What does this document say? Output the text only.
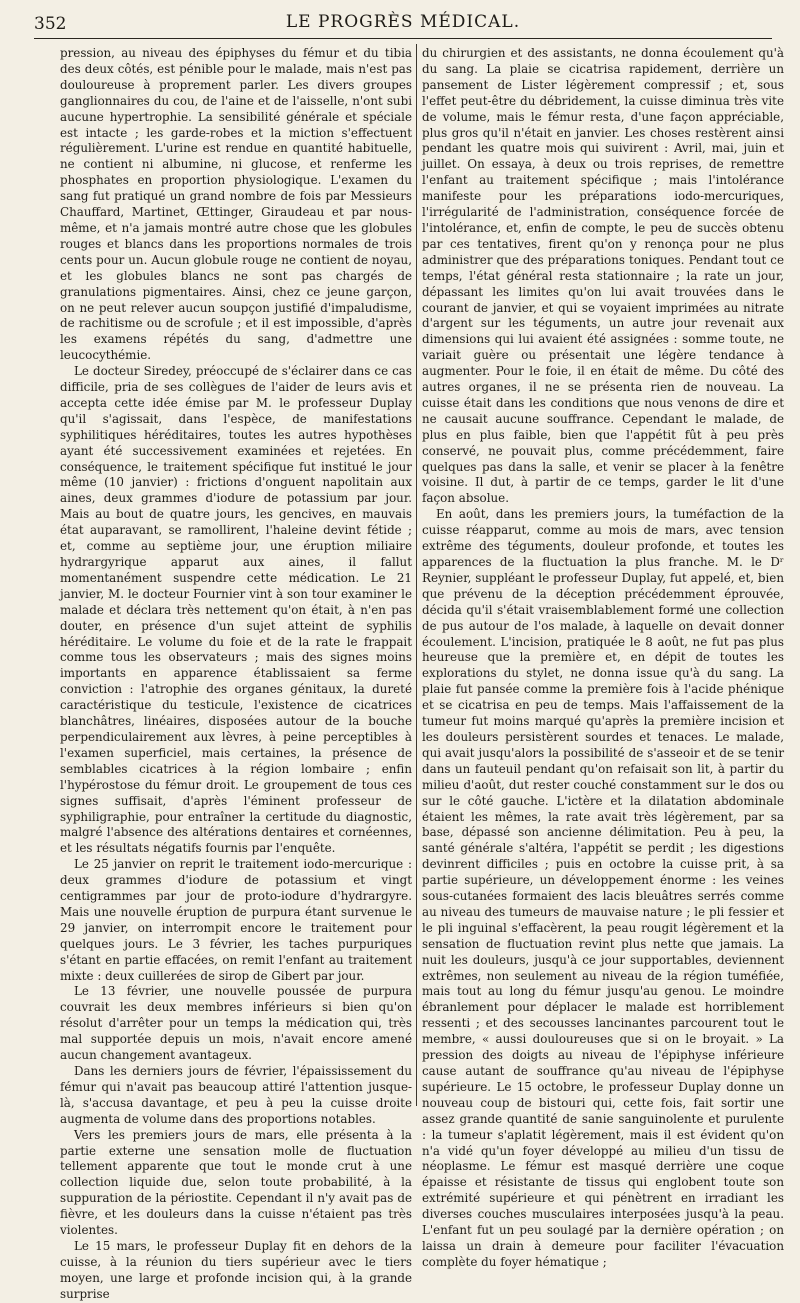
352	LE PROGRÈS MÉDICAL.

pression, au niveau des épiphyses du fémur et du tibia des deux côtés, est pénible pour le malade, mais n'est pas douloureuse à proprement parler. Les divers groupes ganglionnaires du cou, de l'aine et de l'aisselle, n'ont subi aucune hypertrophie. La sensibilité générale et spéciale est intacte ; les garde-robes et la miction s'effectuent régulièrement. L'urine est rendue en quantité habituelle, ne contient ni albumine, ni glucose, et renferme les phosphates en proportion physiologique. L'examen du sang fut pratiqué un grand nombre de fois par Messieurs Chauffard, Martinet, Œttinger, Giraudeau et par nous-même, et n'a jamais montré autre chose que les globules rouges et blancs dans les proportions normales de trois cents pour un. Aucun globule rouge ne contient de noyau, et les globules blancs ne sont pas chargés de granulations pigmentaires. Ainsi, chez ce jeune garçon, on ne peut relever aucun soupçon justifié d'impaludisme, de rachitisme ou de scrofule ; et il est impossible, d'après les examens répétés du sang, d'admettre une leucocythémie.

Le docteur Siredey, préoccupé de s'éclairer dans ce cas difficile, pria de ses collègues de l'aider de leurs avis et accepta cette idée émise par M. le professeur Duplay qu'il s'agissait, dans l'espèce, de manifestations syphilitiques héréditaires, toutes les autres hypothèses ayant été successivement examinées et rejetées. En conséquence, le traitement spécifique fut institué le jour même (10 janvier) : frictions d'onguent napolitain aux aines, deux grammes d'iodure de potassium par jour. Mais au bout de quatre jours, les gencives, en mauvais état auparavant, se ramollirent, l'haleine devint fétide ; et, comme au septième jour, une éruption miliaire hydrargyrique apparut aux aines, il fallut momentanément suspendre cette médication. Le 21 janvier, M. le docteur Fournier vint à son tour examiner le malade et déclara très nettement qu'on était, à n'en pas douter, en présence d'un sujet atteint de syphilis héréditaire. Le volume du foie et de la rate le frappait comme tous les observateurs ; mais des signes moins importants en apparence établissaient sa ferme conviction : l'atrophie des organes génitaux, la dureté caractéristique du testicule, l'existence de cicatrices blanchâtres, linéaires, disposées autour de la bouche perpendiculairement aux lèvres, à peine perceptibles à l'examen superficiel, mais certaines, la présence de semblables cicatrices à la région lombaire ; enfin l'hypérostose du fémur droit. Le groupement de tous ces signes suffisait, d'après l'éminent professeur de syphiligraphie, pour entraîner la certitude du diagnostic, malgré l'absence des altérations dentaires et cornéennes, et les résultats négatifs fournis par l'enquête.

Le 25 janvier on reprit le traitement iodo-mercurique : deux grammes d'iodure de potassium et vingt centigrammes par jour de proto-iodure d'hydrargyre. Mais une nouvelle éruption de purpura étant survenue le 29 janvier, on interrompit encore le traitement pour quelques jours. Le 3 février, les taches purpuriques s'étant en partie effacées, on remit l'enfant au traitement mixte : deux cuillerées de sirop de Gibert par jour.

Le 13 février, une nouvelle poussée de purpura couvrait les deux membres inférieurs si bien qu'on résolut d'arrêter pour un temps la médication qui, très mal supportée depuis un mois, n'avait encore amené aucun changement avantageux.

Dans les derniers jours de février, l'épaississement du fémur qui n'avait pas beaucoup attiré l'attention jusque-là, s'accusa davantage, et peu à peu la cuisse droite augmenta de volume dans des proportions notables.

Vers les premiers jours de mars, elle présenta à la partie externe une sensation molle de fluctuation tellement apparente que tout le monde crut à une collection liquide due, selon toute probabilité, à la suppuration de la périostite. Cependant il n'y avait pas de fièvre, et les douleurs dans la cuisse n'étaient pas très violentes.

Le 15 mars, le professeur Duplay fit en dehors de la cuisse, à la réunion du tiers supérieur avec le tiers moyen, une large et profonde incision qui, à la grande surprise

du chirurgien et des assistants, ne donna écoulement qu'à du sang. La plaie se cicatrisa rapidement, derrière un pansement de Lister légèrement compressif ; et, sous l'effet peut-être du débridement, la cuisse diminua très vite de volume, mais le fémur resta, d'une façon appréciable, plus gros qu'il n'était en janvier. Les choses restèrent ainsi pendant les quatre mois qui suivirent : Avril, mai, juin et juillet. On essaya, à deux ou trois reprises, de remettre l'enfant au traitement spécifique ; mais l'intolérance manifeste pour les préparations iodo-mercuriques, l'irrégularité de l'administration, conséquence forcée de l'intolérance, et, enfin de compte, le peu de succès obtenu par ces tentatives, firent qu'on y renonça pour ne plus administrer que des préparations toniques. Pendant tout ce temps, l'état général resta stationnaire ; la rate un jour, dépassant les limites qu'on lui avait trouvées dans le courant de janvier, et qui se voyaient imprimées au nitrate d'argent sur les téguments, un autre jour revenait aux dimensions qui lui avaient été assignées : somme toute, ne variait guère ou présentait une légère tendance à augmenter. Pour le foie, il en était de même. Du côté des autres organes, il ne se présenta rien de nouveau. La cuisse était dans les conditions que nous venons de dire et ne causait aucune souffrance. Cependant le malade, de plus en plus faible, bien que l'appétit fût à peu près conservé, ne pouvait plus, comme précédemment, faire quelques pas dans la salle, et venir se placer à la fenêtre voisine. Il dut, à partir de ce temps, garder le lit d'une façon absolue.

En août, dans les premiers jours, la tuméfaction de la cuisse réapparut, comme au mois de mars, avec tension extrême des téguments, douleur profonde, et toutes les apparences de la fluctuation la plus franche. M. le Dʳ Reynier, suppléant le professeur Duplay, fut appelé, et, bien que prévenu de la déception précédemment éprouvée, décida qu'il s'était vraisemblablement formé une collection de pus autour de l'os malade, à laquelle on devait donner écoulement. L'incision, pratiquée le 8 août, ne fut pas plus heureuse que la première et, en dépit de toutes les explorations du stylet, ne donna issue qu'à du sang. La plaie fut pansée comme la première fois à l'acide phénique et se cicatrisa en peu de temps. Mais l'affaissement de la tumeur fut moins marqué qu'après la première incision et les douleurs persistèrent sourdes et tenaces. Le malade, qui avait jusqu'alors la possibilité de s'asseoir et de se tenir dans un fauteuil pendant qu'on refaisait son lit, à partir du milieu d'août, dut rester couché constamment sur le dos ou sur le côté gauche. L'ictère et la dilatation abdominale étaient les mêmes, la rate avait très légèrement, par sa base, dépassé son ancienne délimitation. Peu à peu, la santé générale s'altéra, l'appétit se perdit ; les digestions devinrent difficiles ; puis en octobre la cuisse prit, à sa partie supérieure, un développement énorme : les veines sous-cutanées formaient des lacis bleuâtres serrés comme au niveau des tumeurs de mauvaise nature ; le pli fessier et le pli inguinal s'effacèrent, la peau rougit légèrement et la sensation de fluctuation revint plus nette que jamais. La nuit les douleurs, jusqu'à ce jour supportables, deviennent extrêmes, non seulement au niveau de la région tuméfiée, mais tout au long du fémur jusqu'au genou. Le moindre ébranlement pour déplacer le malade est horriblement ressenti ; et des secousses lancinantes parcourent tout le membre, « aussi douloureuses que si on le broyait. » La pression des doigts au niveau de l'épiphyse inférieure cause autant de souffrance qu'au niveau de l'épiphyse supérieure. Le 15 octobre, le professeur Duplay donne un nouveau coup de bistouri qui, cette fois, fait sortir une assez grande quantité de sanie sanguinolente et purulente : la tumeur s'aplatit légèrement, mais il est évident qu'on n'a vidé qu'un foyer développé au milieu d'un tissu de néoplasme. Le fémur est masqué derrière une coque épaisse et résistante de tissus qui englobent toute son extrémité supérieure et qui pénètrent en irradiant les diverses couches musculaires interposées jusqu'à la peau. L'enfant fut un peu soulagé par la dernière opération ; on laissa un drain à demeure pour faciliter l'évacuation complète du foyer hématique ;
